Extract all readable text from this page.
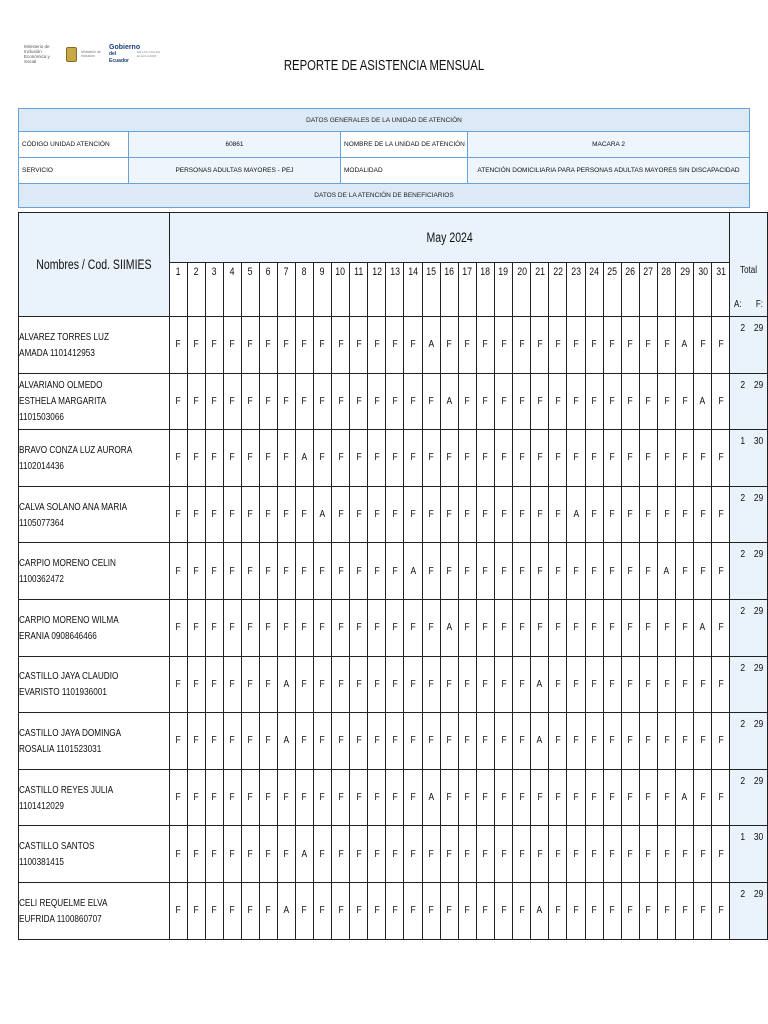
Ministerio de Inclusión Económica y Social
Ministerio de Inclusión
Gobierno
del Ecuador
EN LAS CALLES EL ECUADOR
REPORTE DE ASISTENCIA MENSUAL
DATOS GENERALES DE LA UNIDAD DE ATENCIÓN
CÓDIGO UNIDAD ATENCIÓN	60861	NOMBRE DE LA UNIDAD DE ATENCIÓN	MACARA 2
SERVICIO	PERSONAS ADULTAS MAYORES - PEJ	MODALIDAD	ATENCIÓN DOMICILIARIA PARA PERSONAS ADULTAS MAYORES SIN DISCAPACIDAD
DATOS DE LA ATENCIÓN DE BENEFICIARIOS
Nombres / Cod. SIIMIES	May 2024																															Total
A: F:

	1	2	3	4	5	6	7	8	9	10	11	12	13	14	15	16	17	18	19	20	21	22	23	24	25	26	27	28	29	30	31	

ALVAREZ TORRES LUZ AMADA 1101412953	F	F	F	F	F	F	F	F	F	F	F	F	F	F	A	F	F	F	F	F	F	F	F	F	F	F	F	F	A	F	F	2 29

ALVARIANO OLMEDO ESTHELA MARGARITA 1101503066	F	F	F	F	F	F	F	F	F	F	F	F	F	F	F	A	F	F	F	F	F	F	F	F	F	F	F	F	F	A	F	2 29

BRAVO CONZA LUZ AURORA 1102014436	F	F	F	F	F	F	F	A	F	F	F	F	F	F	F	F	F	F	F	F	F	F	F	F	F	F	F	F	F	F	F	1 30

CALVA SOLANO ANA MARIA 1105077364	F	F	F	F	F	F	F	F	A	F	F	F	F	F	F	F	F	F	F	F	F	F	A	F	F	F	F	F	F	F	F	2 29

CARPIO MORENO CELIN 1100362472	F	F	F	F	F	F	F	F	F	F	F	F	F	A	F	F	F	F	F	F	F	F	F	F	F	F	F	A	F	F	F	2 29

CARPIO MORENO WILMA ERANIA 0908646466	F	F	F	F	F	F	F	F	F	F	F	F	F	F	F	A	F	F	F	F	F	F	F	F	F	F	F	F	F	A	F	2 29

CASTILLO JAYA CLAUDIO EVARISTO 1101936001	F	F	F	F	F	F	A	F	F	F	F	F	F	F	F	F	F	F	F	F	A	F	F	F	F	F	F	F	F	F	F	2 29

CASTILLO JAYA DOMINGA ROSALIA 1101523031	F	F	F	F	F	F	A	F	F	F	F	F	F	F	F	F	F	F	F	F	A	F	F	F	F	F	F	F	F	F	F	2 29

CASTILLO REYES JULIA 1101412029	F	F	F	F	F	F	F	F	F	F	F	F	F	F	A	F	F	F	F	F	F	F	F	F	F	F	F	F	A	F	F	2 29

CASTILLO SANTOS 1100381415	F	F	F	F	F	F	F	A	F	F	F	F	F	F	F	F	F	F	F	F	F	F	F	F	F	F	F	F	F	F	F	1 30

CELI REQUELME ELVA EUFRIDA 1100860707	F	F	F	F	F	F	A	F	F	F	F	F	F	F	F	F	F	F	F	F	A	F	F	F	F	F	F	F	F	F	F	2 29
